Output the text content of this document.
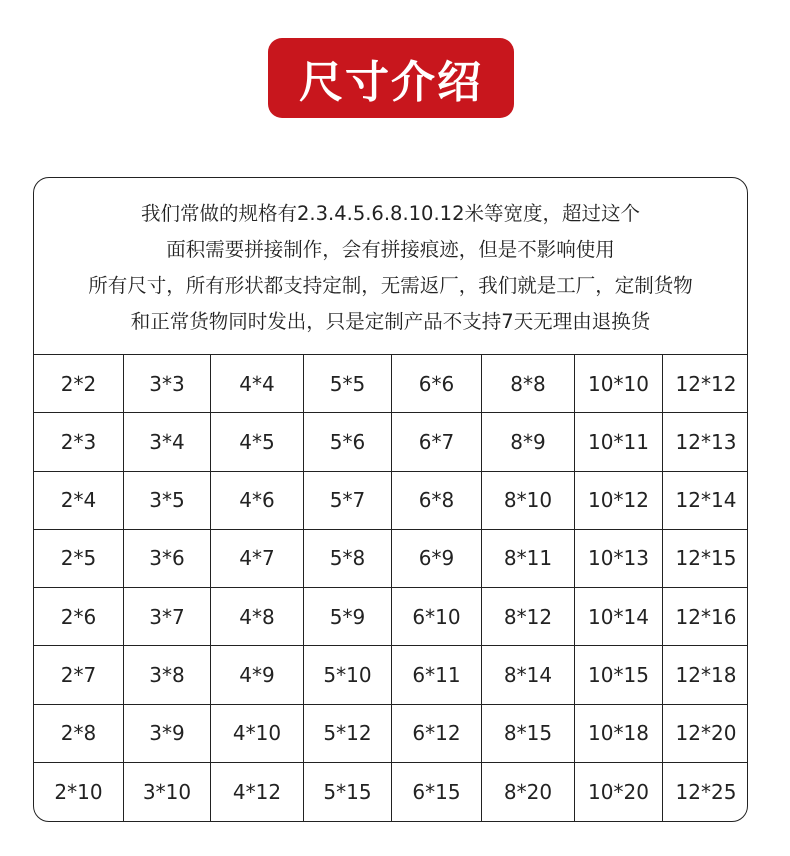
尺寸介绍
我们常做的规格有2.3.4.5.6.8.10.12米等宽度，超过这个
面积需要拼接制作，会有拼接痕迹，但是不影响使用
所有尺寸，所有形状都支持定制，无需返厂，我们就是工厂，定制货物
和正常货物同时发出，只是定制产品不支持7天无理由退换货
2*2	3*3	4*4	5*5	6*6	8*8	10*10	12*12
2*3	3*4	4*5	5*6	6*7	8*9	10*11	12*13
2*4	3*5	4*6	5*7	6*8	8*10	10*12	12*14
2*5	3*6	4*7	5*8	6*9	8*11	10*13	12*15
2*6	3*7	4*8	5*9	6*10	8*12	10*14	12*16
2*7	3*8	4*9	5*10	6*11	8*14	10*15	12*18
2*8	3*9	4*10	5*12	6*12	8*15	10*18	12*20
2*10	3*10	4*12	5*15	6*15	8*20	10*20	12*25
